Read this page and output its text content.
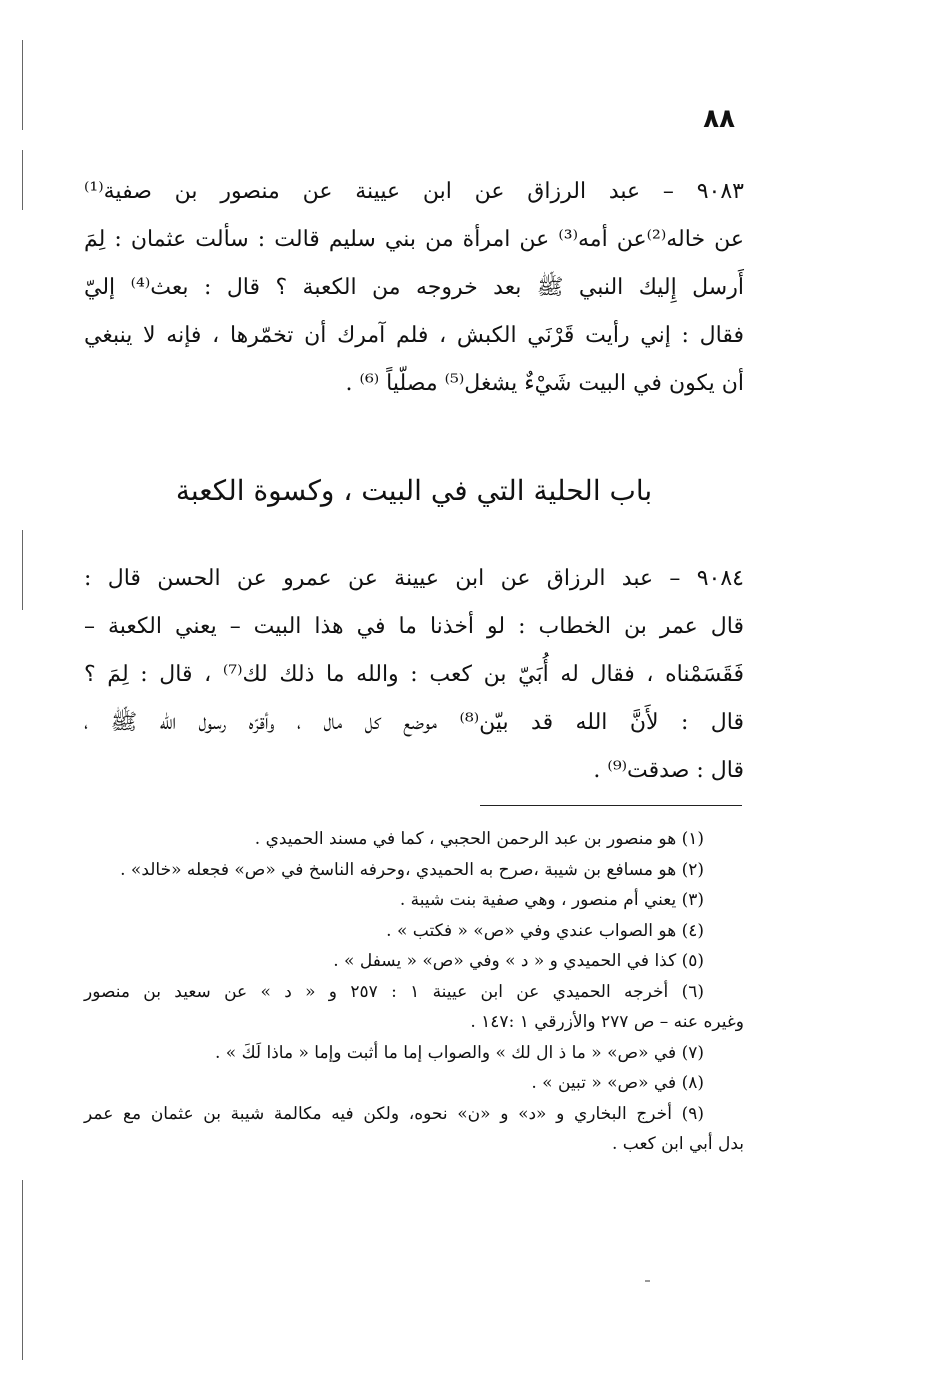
٨٨
٩٠٨٣ – عبد الرزاق عن ابن عيينة عن منصور بن صفية⁽¹⁾
عن خاله⁽²⁾عن أمه⁽³⁾ عن امرأة من بني سليم قالت : سألت عثمان : لِمَ
أَرسل إِليك النبي ﷺ بعد خروجه من الكعبة ؟ قال : بعث⁽⁴⁾ إليّ
فقال : إني رأيت قَرْنَي الكبش ، فلم آمرك أن تخمّرها ، فإنه لا ينبغي
أن يكون في البيت شَيْءٌ يشغل⁽⁵⁾ مصلّياً ⁽⁶⁾ .
باب الحلية التي في البيت ، وكسوة الكعبة
٩٠٨٤ – عبد الرزاق عن ابن عيينة عن عمرو عن الحسن قال :
قال عمر بن الخطاب : لو أخذنا ما في هذا البيت – يعني الكعبة –
فَقَسَمْناه ، فقال له أُبَيّ بن كعب : والله ما ذلك لك⁽⁷⁾ ، قال : لِمَ ؟
قال : لأَنَّ الله قد بيّن⁽⁸⁾ موضع كل مال ، وأقرّه رسول الله ﷺ ،
قال : صدقت⁽⁹⁾ .
(١) هو منصور بن عبد الرحمن الحجبي ، كما في مسند الحميدي .
(٢) هو مسافع بن شيبة ،صرح به الحميدي ،وحرفه الناسخ في «ص» فجعله «خالد» .
(٣) يعني أم منصور ، وهي صفية بنت شيبة .
(٤) هو الصواب عندي وفي «ص» « فكتب » .
(٥) كذا في الحميدي و « د » وفي «ص» « يسفل » .
(٦) أخرجه الحميدي عن ابن عيينة ١ : ٢٥٧ و « د » عن سعيد بن منصور
وغيره عنه – ص ٢٧٧ والأزرقي ١ :١٤٧ .
(٧) في «ص» « ما ذ ال لك » والصواب إما ما أثبت وإما « ماذا لَكَ » .
(٨) في «ص» « تبين » .
(٩) أخرج البخاري و «د» و «ن» نحوه، ولكن فيه مكالمة شيبة بن عثمان مع عمر
بدل أبي ابن كعب .
